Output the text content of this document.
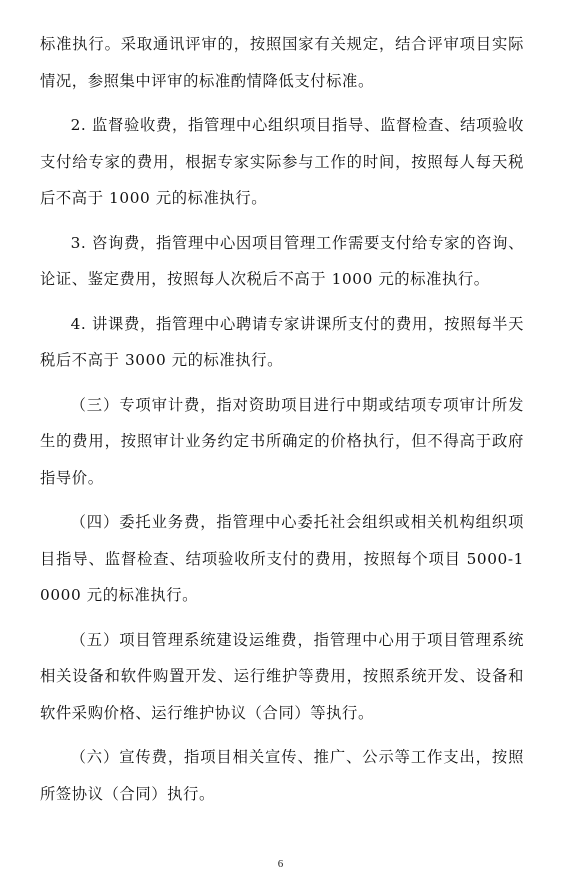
标准执行。采取通讯评审的，按照国家有关规定，结合评审项目实际情况，参照集中评审的标准酌情降低支付标准。

2. 监督验收费，指管理中心组织项目指导、监督检查、结项验收支付给专家的费用，根据专家实际参与工作的时间，按照每人每天税后不高于 1000 元的标准执行。

3. 咨询费，指管理中心因项目管理工作需要支付给专家的咨询、论证、鉴定费用，按照每人次税后不高于 1000 元的标准执行。

4. 讲课费，指管理中心聘请专家讲课所支付的费用，按照每半天税后不高于 3000 元的标准执行。

（三）专项审计费，指对资助项目进行中期或结项专项审计所发生的费用，按照审计业务约定书所确定的价格执行，但不得高于政府指导价。

（四）委托业务费，指管理中心委托社会组织或相关机构组织项目指导、监督检查、结项验收所支付的费用，按照每个项目 5000-10000 元的标准执行。

（五）项目管理系统建设运维费，指管理中心用于项目管理系统相关设备和软件购置开发、运行维护等费用，按照系统开发、设备和软件采购价格、运行维护协议（合同）等执行。

（六）宣传费，指项目相关宣传、推广、公示等工作支出，按照所签协议（合同）执行。

6
